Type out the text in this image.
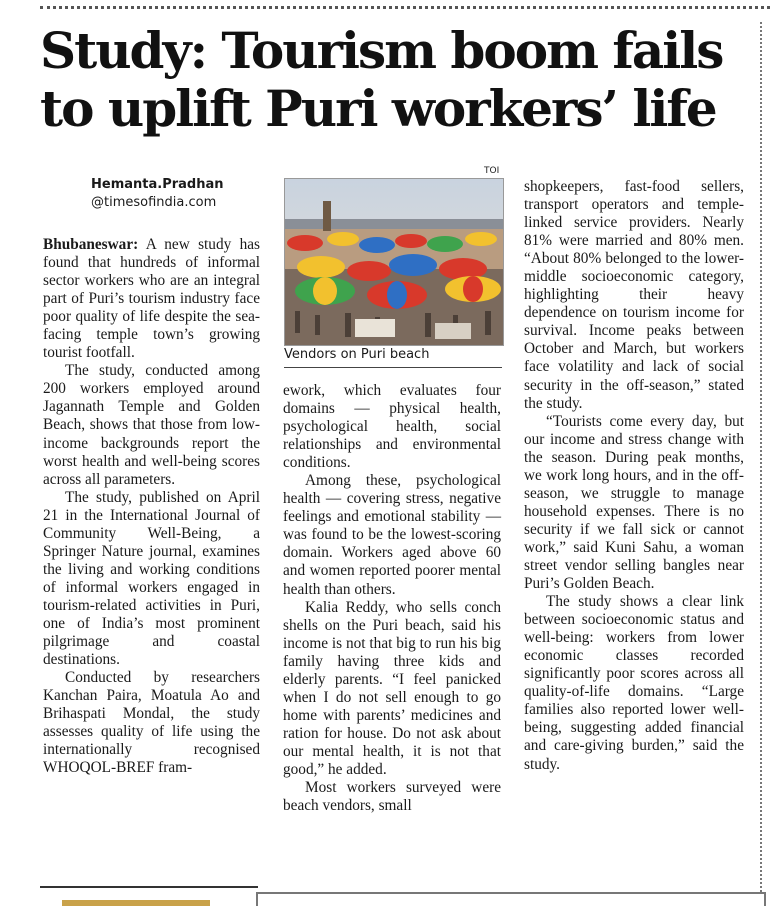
Study: Tourism boom fails
to uplift Puri workers’ life
TOI
Vendors on Puri beach
Hemanta.Pradhan
@timesofindia.com

Bhubaneswar: A new study has found that hundreds of informal sector workers who are an integral part of Puri’s tourism industry face poor quality of life despite the sea-facing temple town’s growing tourist footfall.

The study, conducted among 200 workers employed around Jagannath Temple and Golden Beach, shows that those from low-income backgrounds report the worst health and well-being scores across all parameters.

The study, published on April 21 in the International Journal of Community Well-Being, a Springer Nature journal, examines the living and working conditions of informal workers engaged in tourism-related activities in Puri, one of India’s most prominent pilgrimage and coastal destinations.

Conducted by researchers Kanchan Paira, Moatula Ao and Brihaspati Mondal, the study assesses quality of life using the internationally recognised WHOQOL-BREF fram-

ework, which evaluates four domains — physical health, psychological health, social relationships and environmental conditions.

Among these, psychological health — covering stress, negative feelings and emotional stability — was found to be the lowest-scoring domain. Workers aged above 60 and women reported poorer mental health than others.

Kalia Reddy, who sells conch shells on the Puri beach, said his income is not that big to run his big family having three kids and elderly parents. “I feel panicked when I do not sell enough to go home with parents’ medicines and ration for house. Do not ask about our mental health, it is not that good,” he added.

Most workers surveyed were beach vendors, small

shopkeepers, fast-food sellers, transport operators and temple-linked service providers. Nearly 81% were married and 80% men. “About 80% belonged to the lower-middle socioeconomic category, highlighting their heavy dependence on tourism income for survival. Income peaks between October and March, but workers face volatility and lack of social security in the off-season,” stated the study.

“Tourists come every day, but our income and stress change with the season. During peak months, we work long hours, and in the off-season, we struggle to manage household expenses. There is no security if we fall sick or cannot work,” said Kuni Sahu, a woman street vendor selling bangles near Puri’s Golden Beach.

The study shows a clear link between socioeconomic status and well-being: workers from lower economic classes recorded significantly poor scores across all quality-of-life domains. “Large families also reported lower well-being, suggesting added financial and care-giving burden,” said the study.
